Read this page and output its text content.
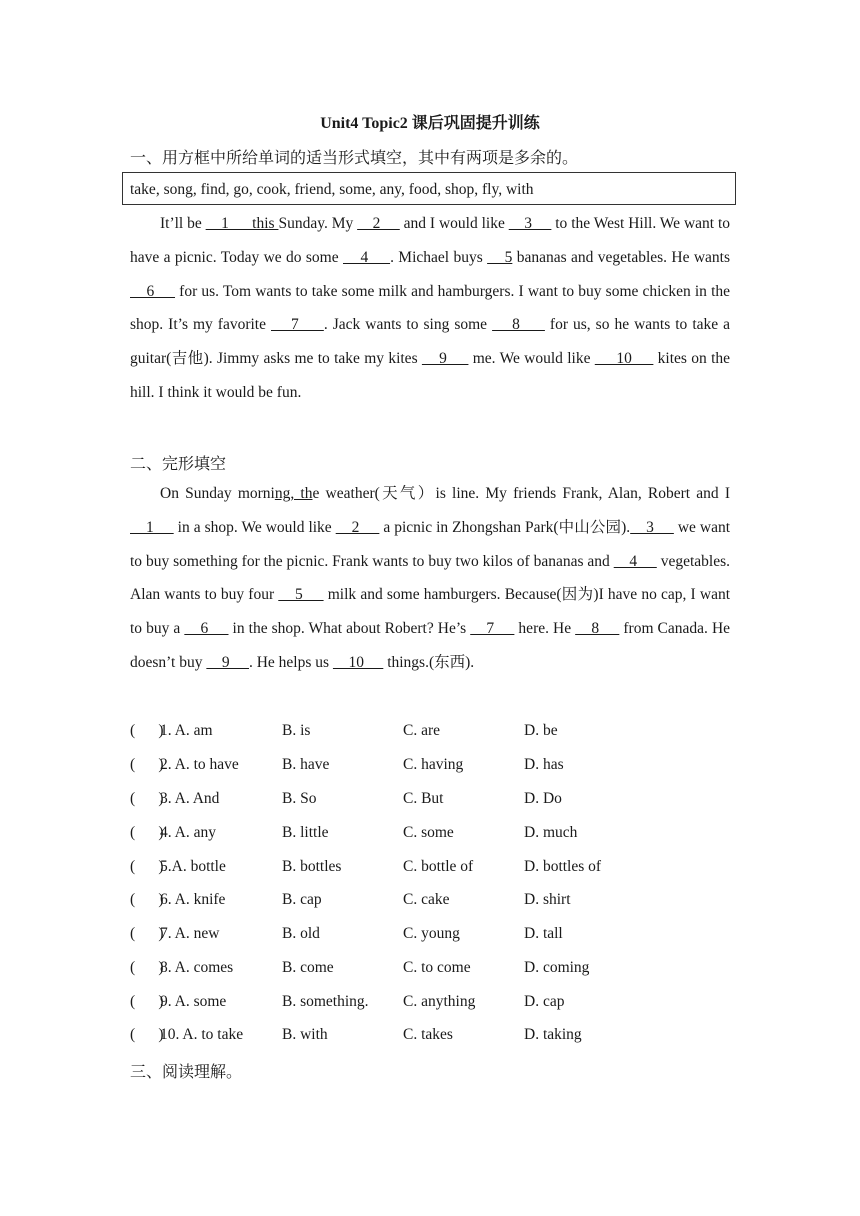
Unit4 Topic2 课后巩固提升训练
一、用方框中所给单词的适当形式填空，其中有两项是多余的。
take, song, find, go, cook, friend, some, any, food, shop, fly, with
It’ll be     1      this Sunday. My     2      and I would like     3      to the West Hill. We want to have a picnic. Today we do some     4     . Michael buys     5 bananas and vegetables. He wants     6      for us. Tom wants to take some milk and hamburgers. I want to buy some chicken in the shop. It’s my favorite     7     . Jack wants to sing some     8      for us, so he wants to take a guitar(吉他). Jimmy asks me to take my kites     9      me. We would like      10      kites on the hill. I think it would be fun.
二、完形填空
On Sunday morning, the weather(天气）is line. My friends Frank, Alan, Robert and I     1      in a shop. We would like     2      a picnic in Zhongshan Park(中山公园).    3      we want to buy something for the picnic. Frank wants to buy two kilos of bananas and     4      vegetables. Alan wants to buy four     5      milk and some hamburgers. Because(因为)I have no cap, I want to buy a     6      in the shop. What about Robert? He’s     7      here. He     8      from Canada. He doesn’t buy     9     . He helps us     10      things.(东西).
(      )
1. A. am	B. is	C. are	D. be
(      )
2. A. to have	B. have	C. having	D. has
(      )
3. A. And	B. So	C. But	D. Do
(      )
4. A. any	B. little	C. some	D. much
(      )
5.A. bottle	B. bottles	C. bottle of	D. bottles of
(      )
6. A. knife	B. cap	C. cake	D. shirt
(      )
7. A. new	B. old	C. young	D. tall
(      )
8. A. comes	B. come	C. to come	D. coming
(      )
9. A. some	B. something. C. anything	D. cap
(      )
10. A. to take	B. with	C. takes	D. taking
三、阅读理解。
